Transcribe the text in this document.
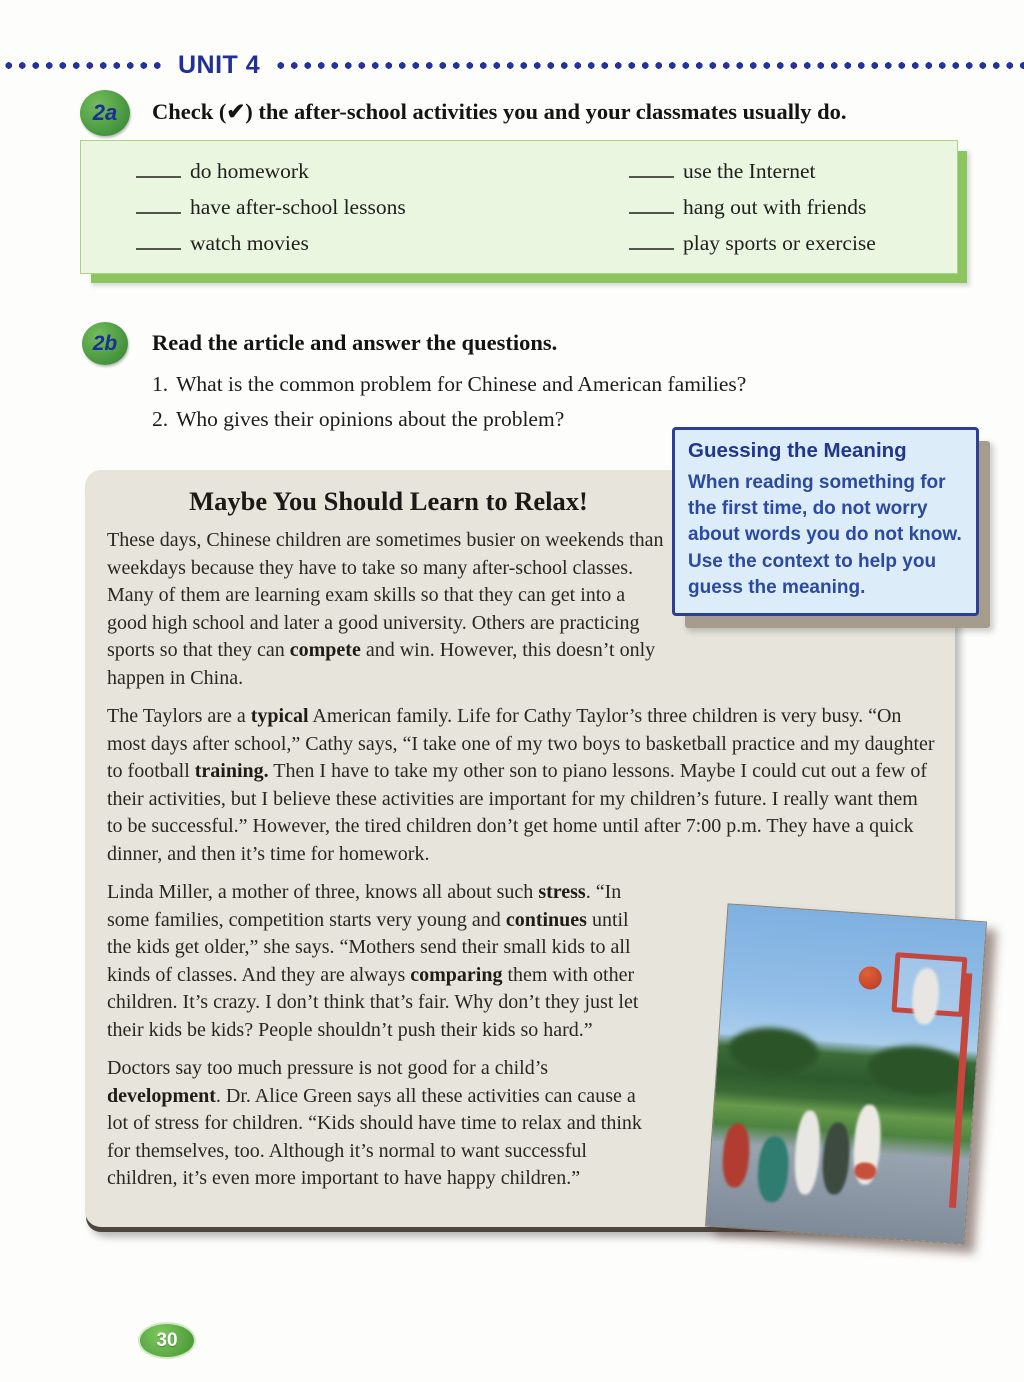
UNIT 4
2a	Check (✔) the after-school activities you and your classmates usually do.
do homework
have after-school lessons
watch movies
use the Internet
hang out with friends
play sports or exercise
2b	Read the article and answer the questions.
1. What is the common problem for Chinese and American families?
2. Who gives their opinions about the problem?

Guessing the Meaning

When reading something for the first time, do not worry about words you do not know. Use the context to help you guess the meaning.

Maybe You Should Learn to Relax!

These days, Chinese children are sometimes busier on weekends than weekdays because they have to take so many after-school classes. Many of them are learning exam skills so that they can get into a good high school and later a good university. Others are practicing sports so that they can compete and win. However, this doesn’t only happen in China.

The Taylors are a typical American family. Life for Cathy Taylor’s three children is very busy. “On most days after school,” Cathy says, “I take one of my two boys to basketball practice and my daughter to football training. Then I have to take my other son to piano lessons. Maybe I could cut out a few of their activities, but I believe these activities are important for my children’s future. I really want them to be successful.” However, the tired children don’t get home until after 7:00 p.m. They have a quick dinner, and then it’s time for homework.

Linda Miller, a mother of three, knows all about such stress. “In some families, competition starts very young and continues until the kids get older,” she says. “Mothers send their small kids to all kinds of classes. And they are always comparing them with other children. It’s crazy. I don’t think that’s fair. Why don’t they just let their kids be kids? People shouldn’t push their kids so hard.”

Doctors say too much pressure is not good for a child’s development. Dr. Alice Green says all these activities can cause a lot of stress for children. “Kids should have time to relax and think for themselves, too. Although it’s normal to want successful children, it’s even more important to have happy children.”

30
